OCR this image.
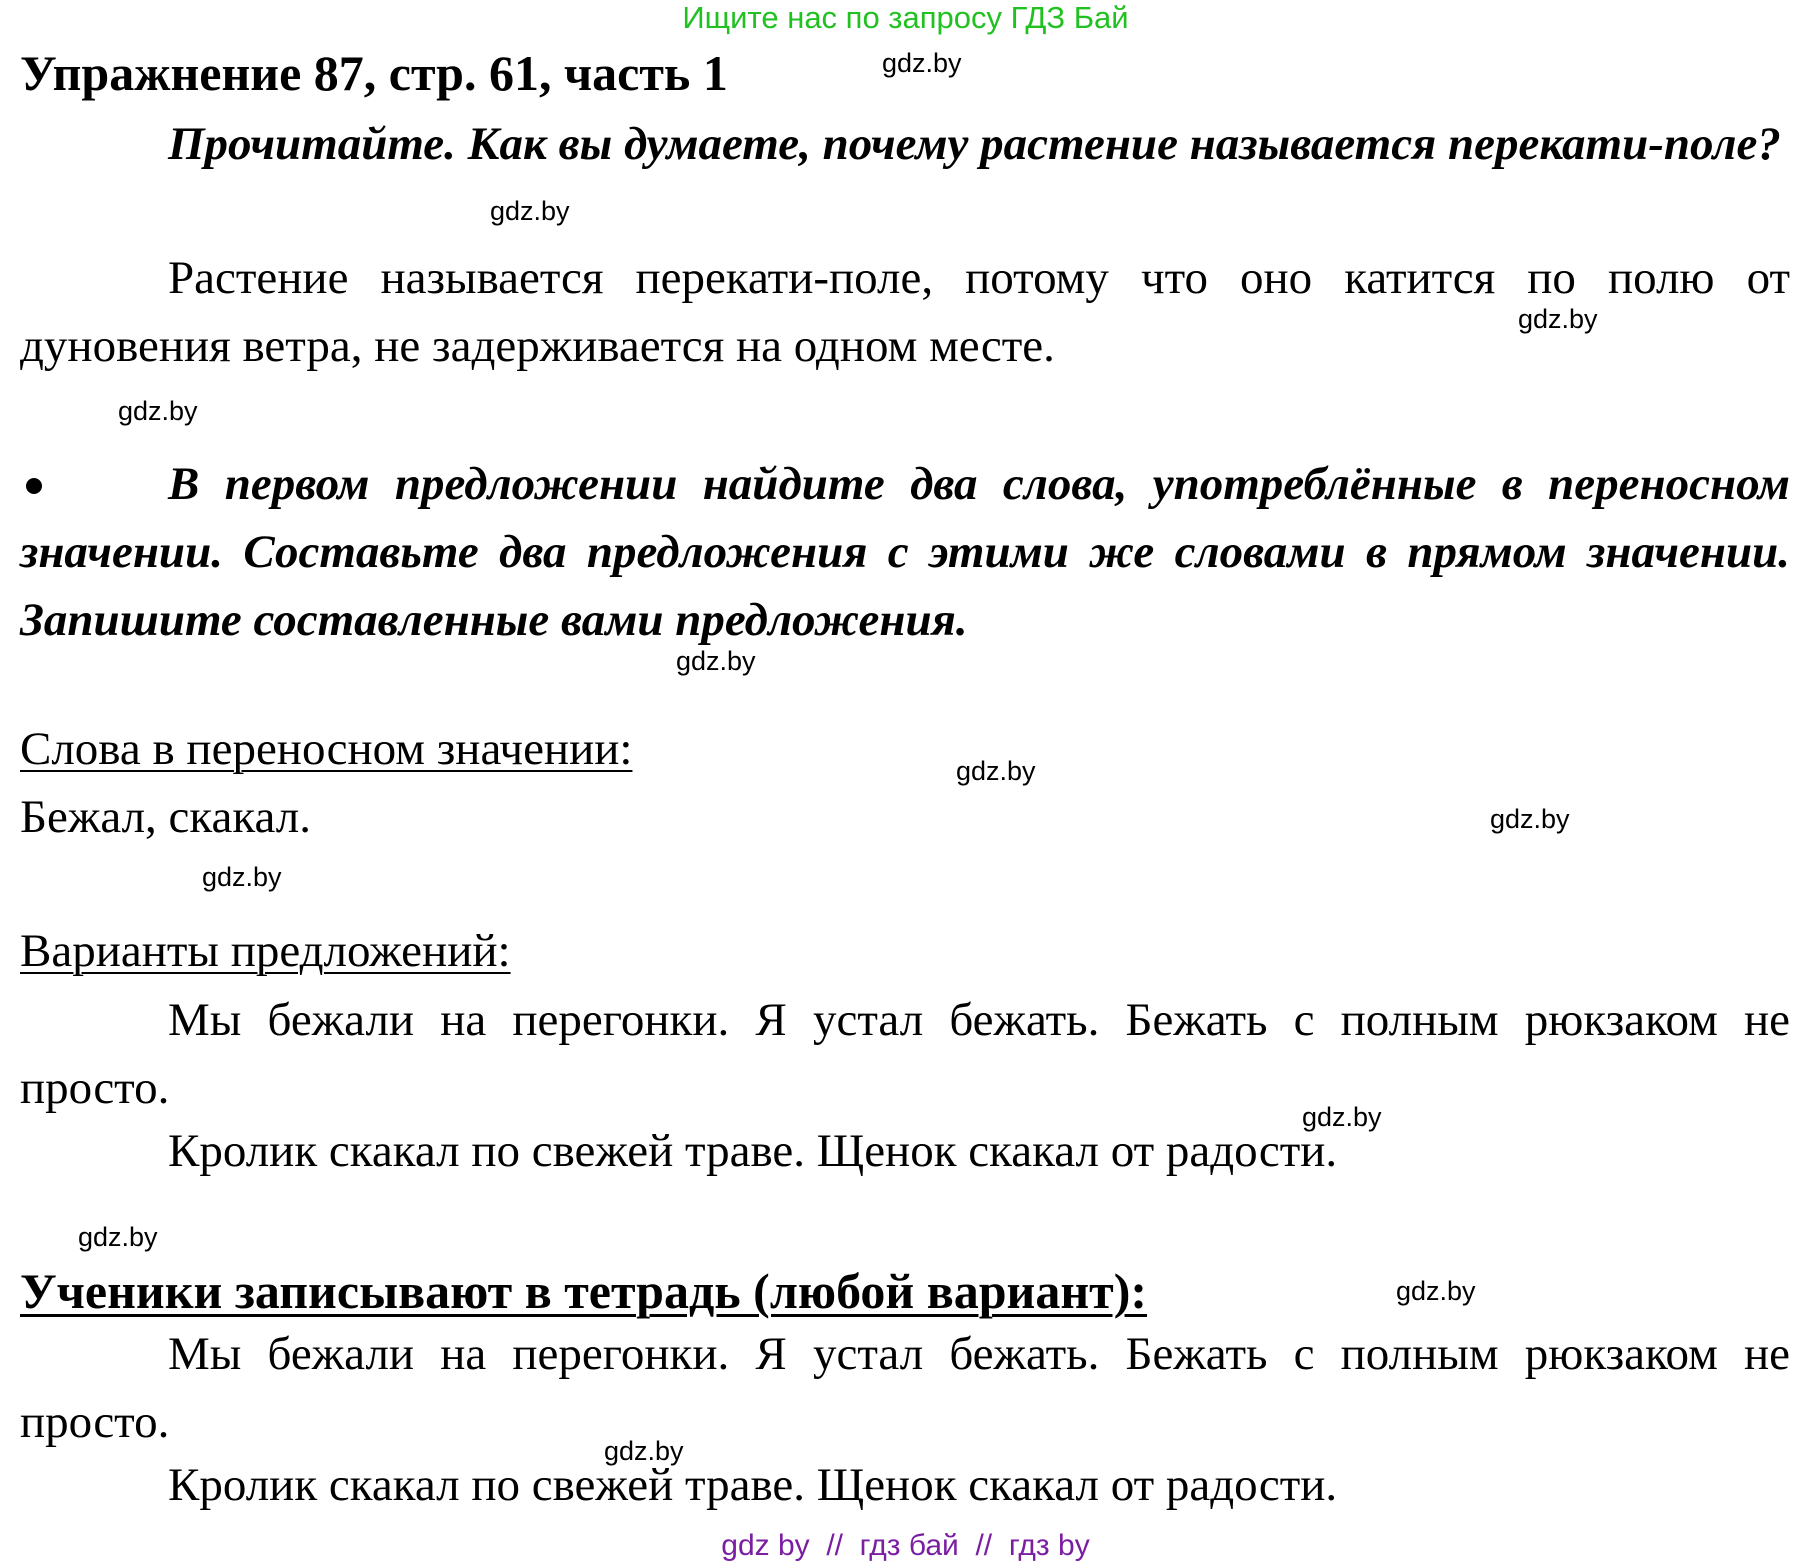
Ищите нас по запросу ГДЗ Бай
Упражнение 87, стр. 61, часть 1	gdz.by
Прочитайте. Как вы думаете, почему растение называется перекати-поле?
gdz.by
Растение называется перекати-поле, потому что оно катится по полю от дуновения ветра, не задерживается на одном месте.
gdz.by
gdz.by
В первом предложении найдите два слова, употреблённые в переносном значении. Составьте два предложения с этими же словами в прямом значении. Запишите составленные вами предложения.
gdz.by
Слова в переносном значении:	gdz.by
Бежал, скакал.	gdz.by
gdz.by
Варианты предложений:
Мы бежали на перегонки. Я устал бежать. Бежать с полным рюкзаком не просто.
gdz.by
Кролик скакал по свежей траве. Щенок скакал от радости.
gdz.by
Ученики записывают в тетрадь (любой вариант):	gdz.by
Мы бежали на перегонки. Я устал бежать. Бежать с полным рюкзаком не просто.
gdz.by
Кролик скакал по свежей траве. Щенок скакал от радости.
gdz by  //  гдз бай  //  гдз by
